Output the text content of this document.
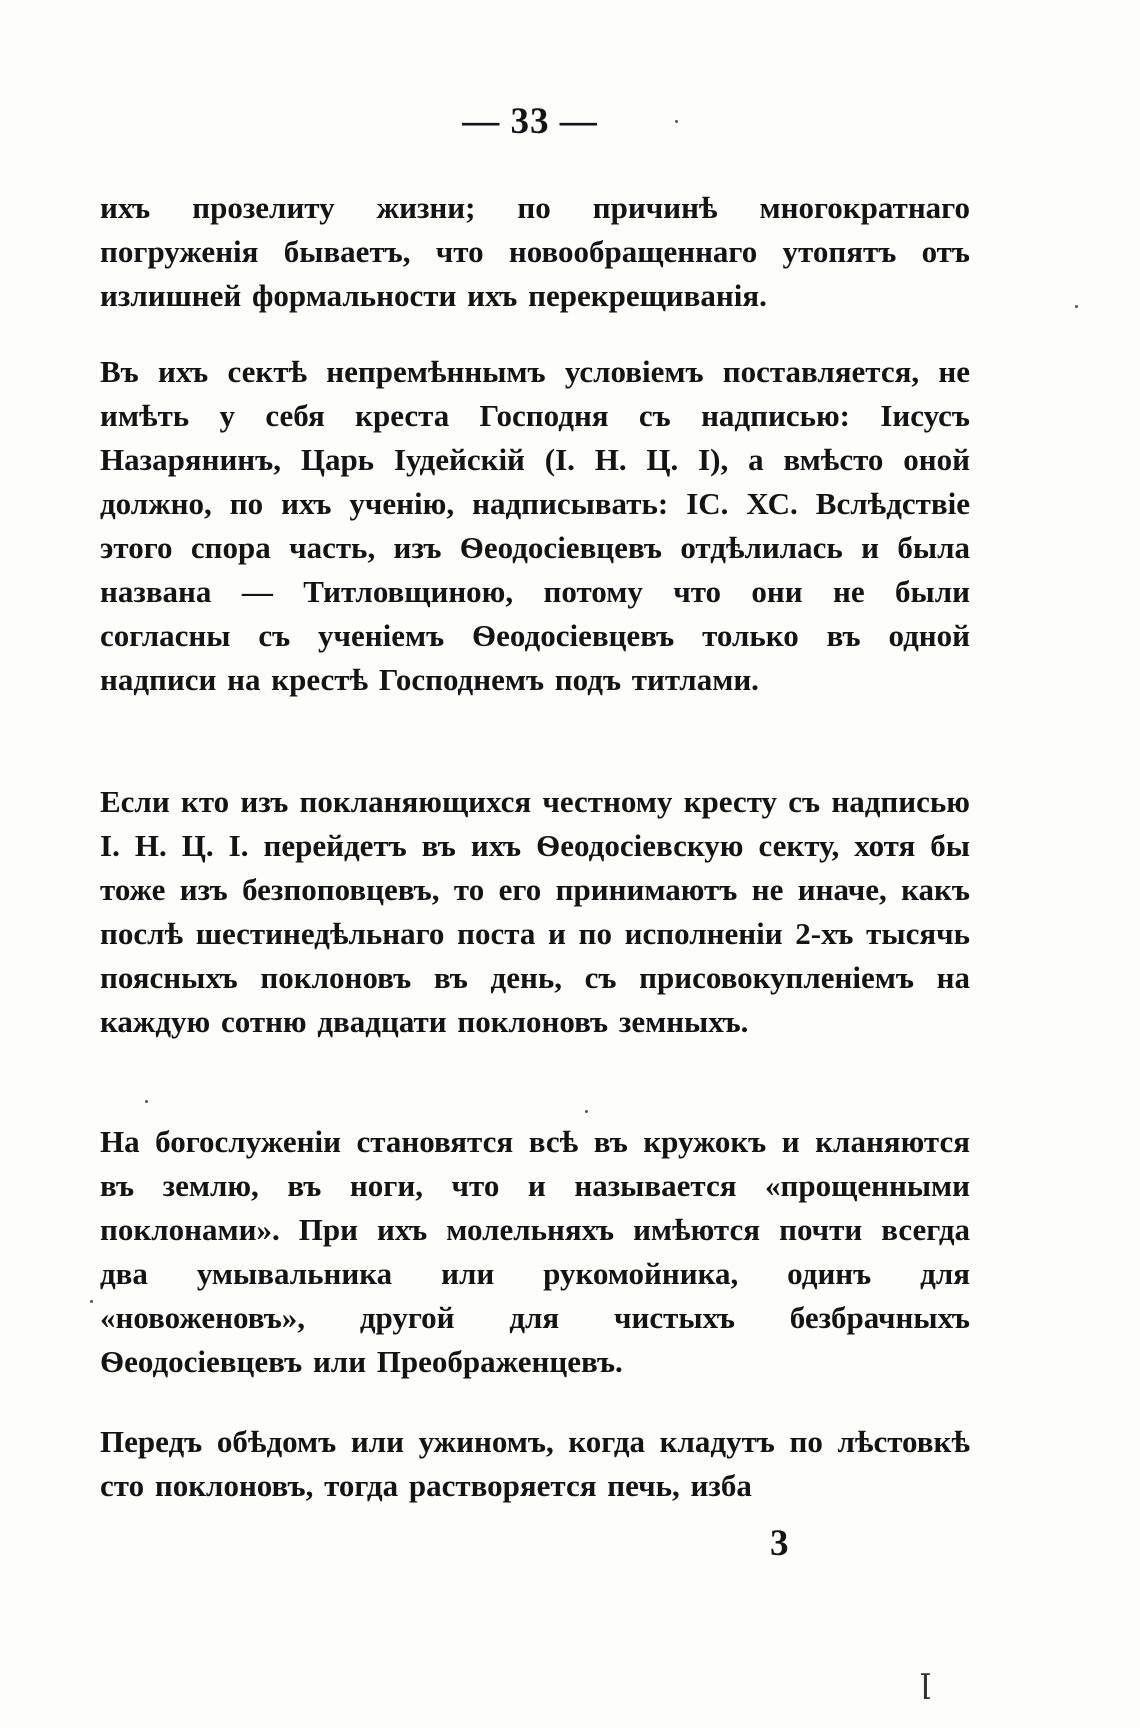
— 33 —
ихъ прозелиту жизни; по причинѣ многократнаго погруженія бываетъ, что новообращеннаго утопятъ отъ излишней формальности ихъ перекрещиванія.
Въ ихъ сектѣ непремѣннымъ условіемъ поставляется, не имѣть у себя креста Господня съ надписью: Іисусъ Назарянинъ, Царь Іудейскій (І. Н. Ц. І), а вмѣсто оной должно, по ихъ ученію, надписывать: ІС. ХС. Вслѣдствіе этого спора часть, изъ Ѳеодосіевцевъ отдѣлилась и была названа — Титловщиною, потому что они не были согласны съ ученіемъ Ѳеодосіевцевъ только въ одной надписи на крестѣ Господнемъ подъ титлами.
Если кто изъ покланяющихся честному кресту съ надписью І. Н. Ц. І. перейдетъ въ ихъ Ѳеодосіевскую секту, хотя бы тоже изъ безпоповцевъ, то его принимаютъ не иначе, какъ послѣ шестинедѣльнаго поста и по исполненіи 2-хъ тысячь поясныхъ поклоновъ въ день, съ присовокупленіемъ на каждую сотню двадцати поклоновъ земныхъ.
На богослуженіи становятся всѣ въ кружокъ и кланяются въ землю, въ ноги, что и называется «прощенными поклонами». При ихъ молельняхъ имѣются почти всегда два умывальника или рукомойника, одинъ для «новоженовъ», другой для чистыхъ безбрачныхъ Ѳеодосіевцевъ или Преображенцевъ.
Передъ обѣдомъ или ужиномъ, когда кладутъ по лѣстовкѣ сто поклоновъ, тогда растворяется печь, изба
3
ꞁ
